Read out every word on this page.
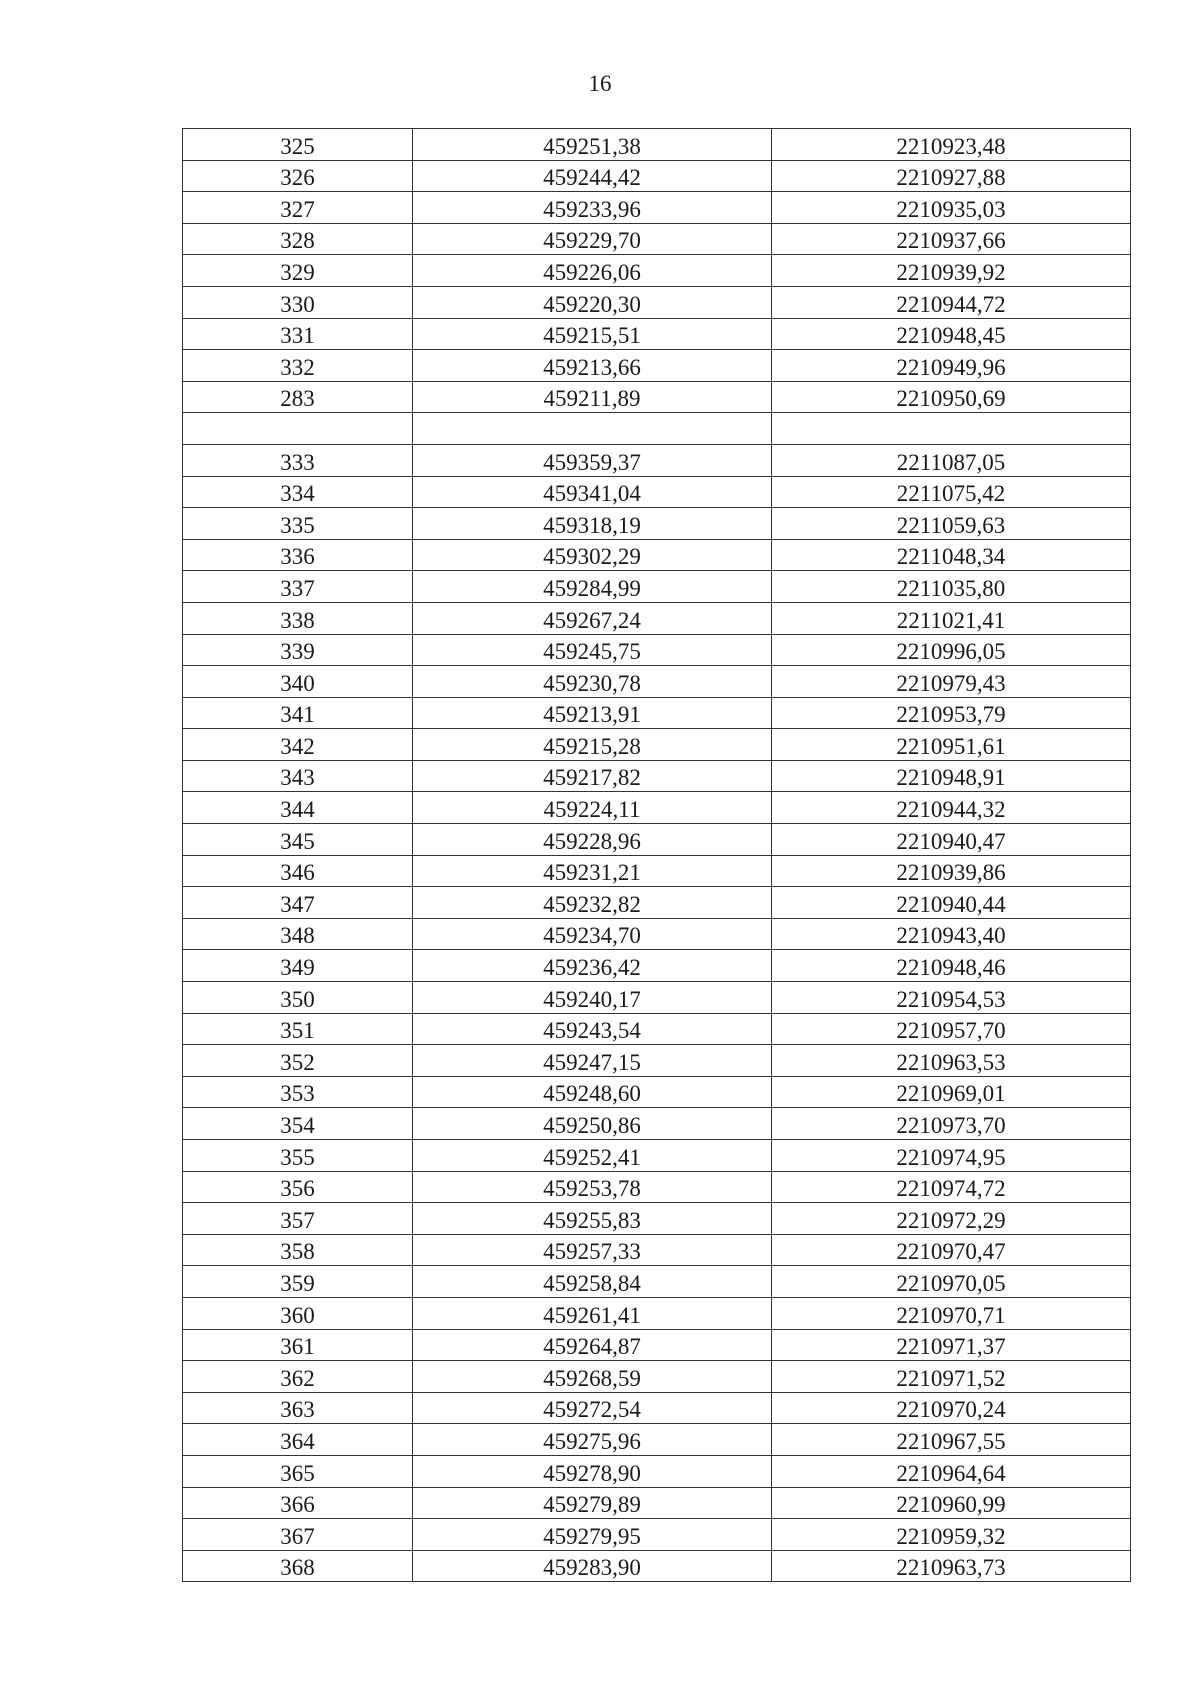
16
325	459251,38	2210923,48
326	459244,42	2210927,88
327	459233,96	2210935,03
328	459229,70	2210937,66
329	459226,06	2210939,92
330	459220,30	2210944,72
331	459215,51	2210948,45
332	459213,66	2210949,96
283	459211,89	2210950,69

333	459359,37	2211087,05
334	459341,04	2211075,42
335	459318,19	2211059,63
336	459302,29	2211048,34
337	459284,99	2211035,80
338	459267,24	2211021,41
339	459245,75	2210996,05
340	459230,78	2210979,43
341	459213,91	2210953,79
342	459215,28	2210951,61
343	459217,82	2210948,91
344	459224,11	2210944,32
345	459228,96	2210940,47
346	459231,21	2210939,86
347	459232,82	2210940,44
348	459234,70	2210943,40
349	459236,42	2210948,46
350	459240,17	2210954,53
351	459243,54	2210957,70
352	459247,15	2210963,53
353	459248,60	2210969,01
354	459250,86	2210973,70
355	459252,41	2210974,95
356	459253,78	2210974,72
357	459255,83	2210972,29
358	459257,33	2210970,47
359	459258,84	2210970,05
360	459261,41	2210970,71
361	459264,87	2210971,37
362	459268,59	2210971,52
363	459272,54	2210970,24
364	459275,96	2210967,55
365	459278,90	2210964,64
366	459279,89	2210960,99
367	459279,95	2210959,32
368	459283,90	2210963,73
